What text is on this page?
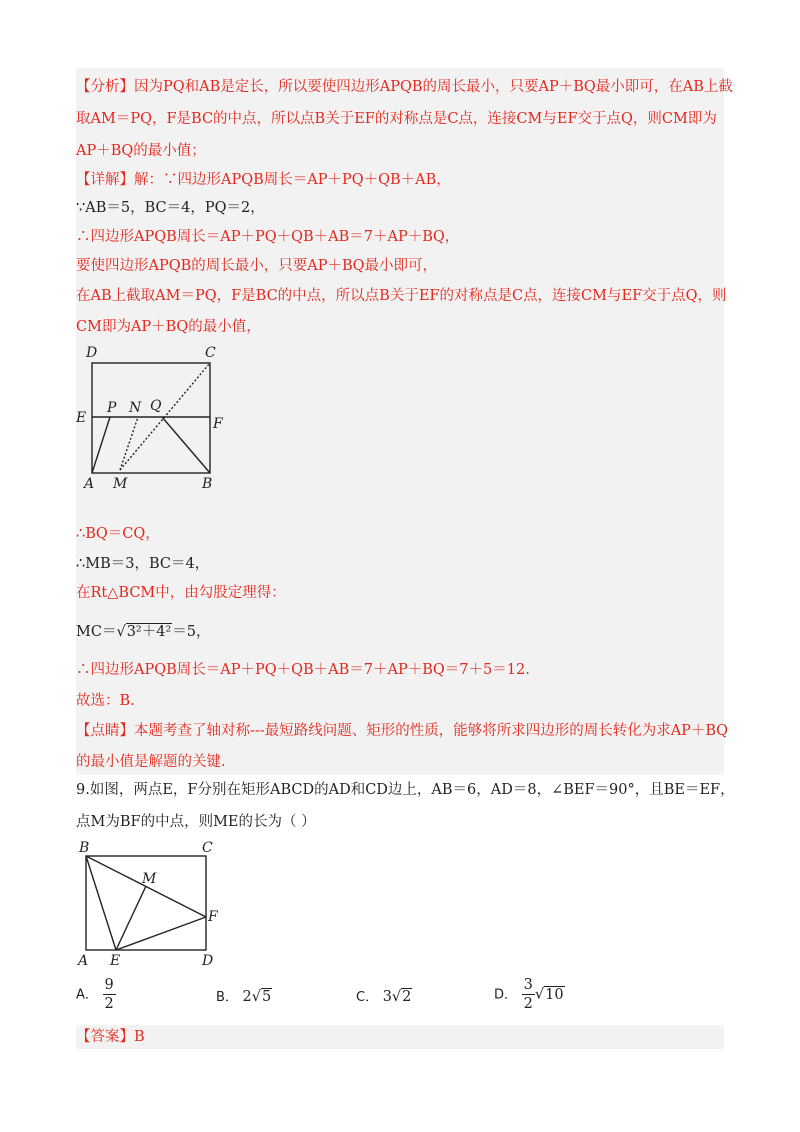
【分析】因为PQ和AB是定长，所以要使四边形APQB的周长最小，只要AP＋BQ最小即可，在AB上截
取AM＝PQ，F是BC的中点，所以点B关于EF的对称点是C点，连接CM与EF交于点Q，则CM即为
AP＋BQ的最小值；
【详解】解：∵四边形APQB周长＝AP＋PQ＋QB＋AB，
∵AB＝5，BC＝4，PQ＝2，
∴四边形APQB周长＝AP＋PQ＋QB＋AB＝7＋AP＋BQ，
要使四边形APQB的周长最小，只要AP＋BQ最小即可，
在AB上截取AM＝PQ，F是BC的中点，所以点B关于EF的对称点是C点，连接CM与EF交于点Q，则
CM即为AP＋BQ的最小值，
D	C
E
P N Q
F
A M	B
∴BQ＝CQ，
∴MB＝3，BC＝4，
在Rt△BCM中，由勾股定理得：
MC＝√3²＋4²＝5，
∴四边形APQB周长＝AP＋PQ＋QB＋AB＝7＋AP＋BQ＝7＋5＝12.
故选：B.
【点睛】本题考查了轴对称---最短路线问题、矩形的性质，能够将所求四边形的周长转化为求AP＋BQ
的最小值是解题的关键.
9.如图，两点E，F分别在矩形ABCD的AD和CD边上，AB＝6，AD＝8，∠BEF＝90°，且BE＝EF，
点M为BF的中点，则ME的长为（ ）
B	C
M
F
A E	D
A． $\frac{9}{2}$	B． 2√5	C． 3√2	D． $\frac{3}{2} √10$
【答案】B
